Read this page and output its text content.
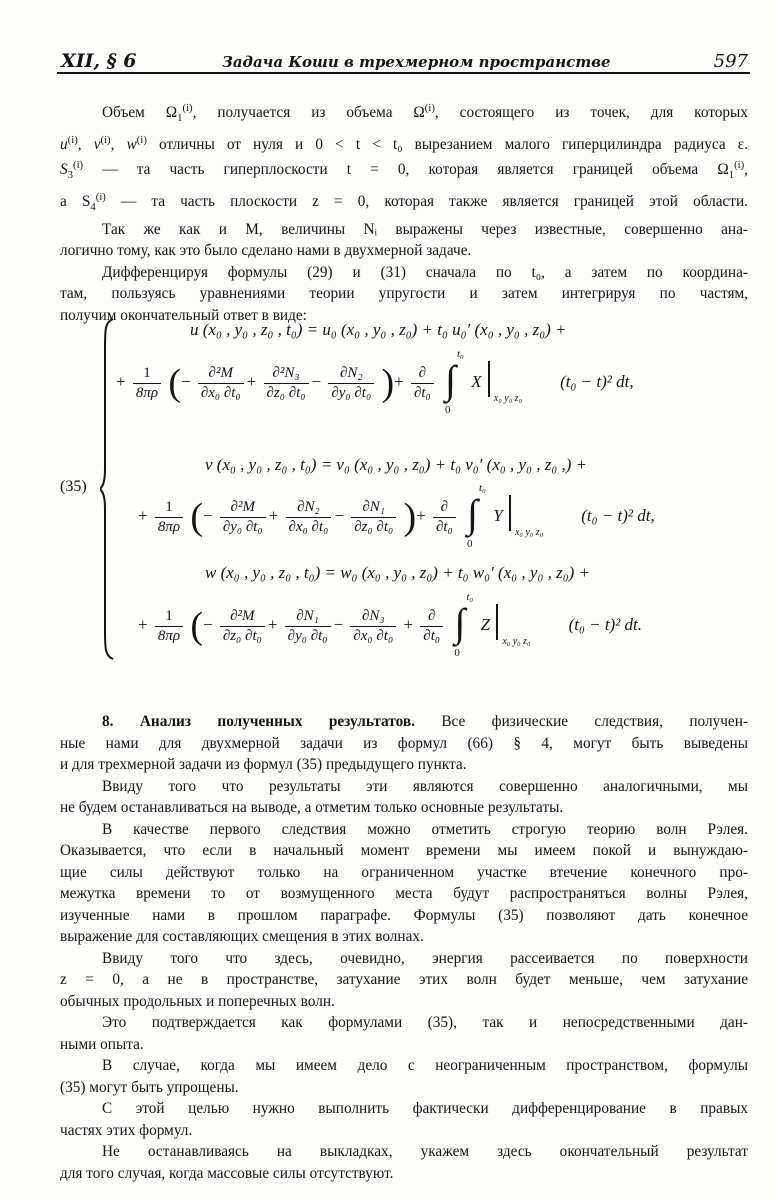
XII, § 6	Задача Коши в трехмерном пространстве	597
Объем $\Omega_1^{(i)}$, получается из объема $\Omega^{(i)}$, состоящего из точек, для которых
$u^{(i)}$, $v^{(i)}$, $w^{(i)}$ отличны от нуля и 0 < t < t₀ вырезанием малого гиперцилиндра радиуса ε.
$S_3^{(i)}$ — та часть гиперплоскости t = 0, которая является границей объема $\Omega_1^{(i)}$,
а $S_4^{(i)}$ — та часть плоскости z = 0, которая также является границей этой области.
Так же как и M, величины Nᵢ выражены через известные, совершенно ана-
логично тому, как это было сделано нами в двухмерной задаче.
Дифференцируя формулы (29) и (31) сначала по t₀, а затем по координа-
там, пользуясь уравнениями теории упругости и затем интегрируя по частям,
получим окончательный ответ в виде:
(35)
u (x₀ , y₀ , z₀ , t₀) = u₀ (x₀ , y₀ , z₀) + t₀ u₀′ (x₀ , y₀ , z₀) +
+ $\frac{1}{8\pi\rho}$ (− $\frac{\text{∂²M}}{\text{∂x₀ ∂t₀}} + \frac{\text{∂²N₃}}{\text{∂z₀ ∂t₀}} - \frac{\text{∂N₂}}{\text{∂y₀ ∂t₀}}$ )+ $\frac{\partial}{\text{∂t₀}}$
∫
t₀
0
X
x₀ y₀ z₀
(t₀ − t)² dt,
v (x₀ , y₀ , z₀ , t₀) = v₀ (x₀ , y₀ , z₀) + t₀ v₀′ (x₀ , y₀ , z₀ ,) +
+ $\frac{1}{8\pi\rho}$ (− $\frac{\text{∂²M}}{\text{∂y₀ ∂t₀}} + \frac{\text{∂N₂}}{\text{∂x₀ ∂t₀}} - \frac{\text{∂N₁}}{\text{∂z₀ ∂t₀}}$ )+ $\frac{\partial}{\text{∂t₀}}$
∫
t₀
0
Y
x₀ y₀ z₀
(t₀ − t)² dt,
w (x₀ , y₀ , z₀ , t₀) = w₀ (x₀ , y₀ , z₀) + t₀ w₀′ (x₀ , y₀ , z₀) +
+ $\frac{1}{8\pi\rho}$ (− $\frac{\text{∂²M}}{\text{∂z₀ ∂t₀}} + \frac{\text{∂N₁}}{\text{∂y₀ ∂t₀}} - \frac{\text{∂N₃}}{\text{∂x₀ ∂t₀}} + \frac{\partial}{\text{∂t₀}}$
∫
t₀
0
Z
x₀ y₀ z₀
(t₀ − t)² dt.
8. Анализ полученных результатов. Все физические следствия, получен-
ные нами для двухмерной задачи из формул (66) § 4, могут быть выведены
и для трехмерной задачи из формул (35) предыдущего пункта.
Ввиду того что результаты эти являются совершенно аналогичными, мы
не будем останавливаться на выводе, а отметим только основные результаты.
В качестве первого следствия можно отметить строгую теорию волн Рэлея.
Оказывается, что если в начальный момент времени мы имеем покой и вынуждаю-
щие силы действуют только на ограниченном участке втечение конечного про-
межутка времени то от возмущенного места будут распространяться волны Рэлея,
изученные нами в прошлом параграфе. Формулы (35) позволяют дать конечное
выражение для составляющих смещения в этих волнах.
Ввиду того что здесь, очевидно, энергия рассеивается по поверхности
z = 0, а не в пространстве, затухание этих волн будет меньше, чем затухание
обычных продольных и поперечных волн.
Это подтверждается как формулами (35), так и непосредственными дан-
ными опыта.
В случае, когда мы имеем дело с неограниченным пространством, формулы
(35) могут быть упрощены.
С этой целью нужно выполнить фактически дифференцирование в правых
частях этих формул.
Не останавливаясь на выкладках, укажем здесь окончательный результат
для того случая, когда массовые силы отсутствуют.
